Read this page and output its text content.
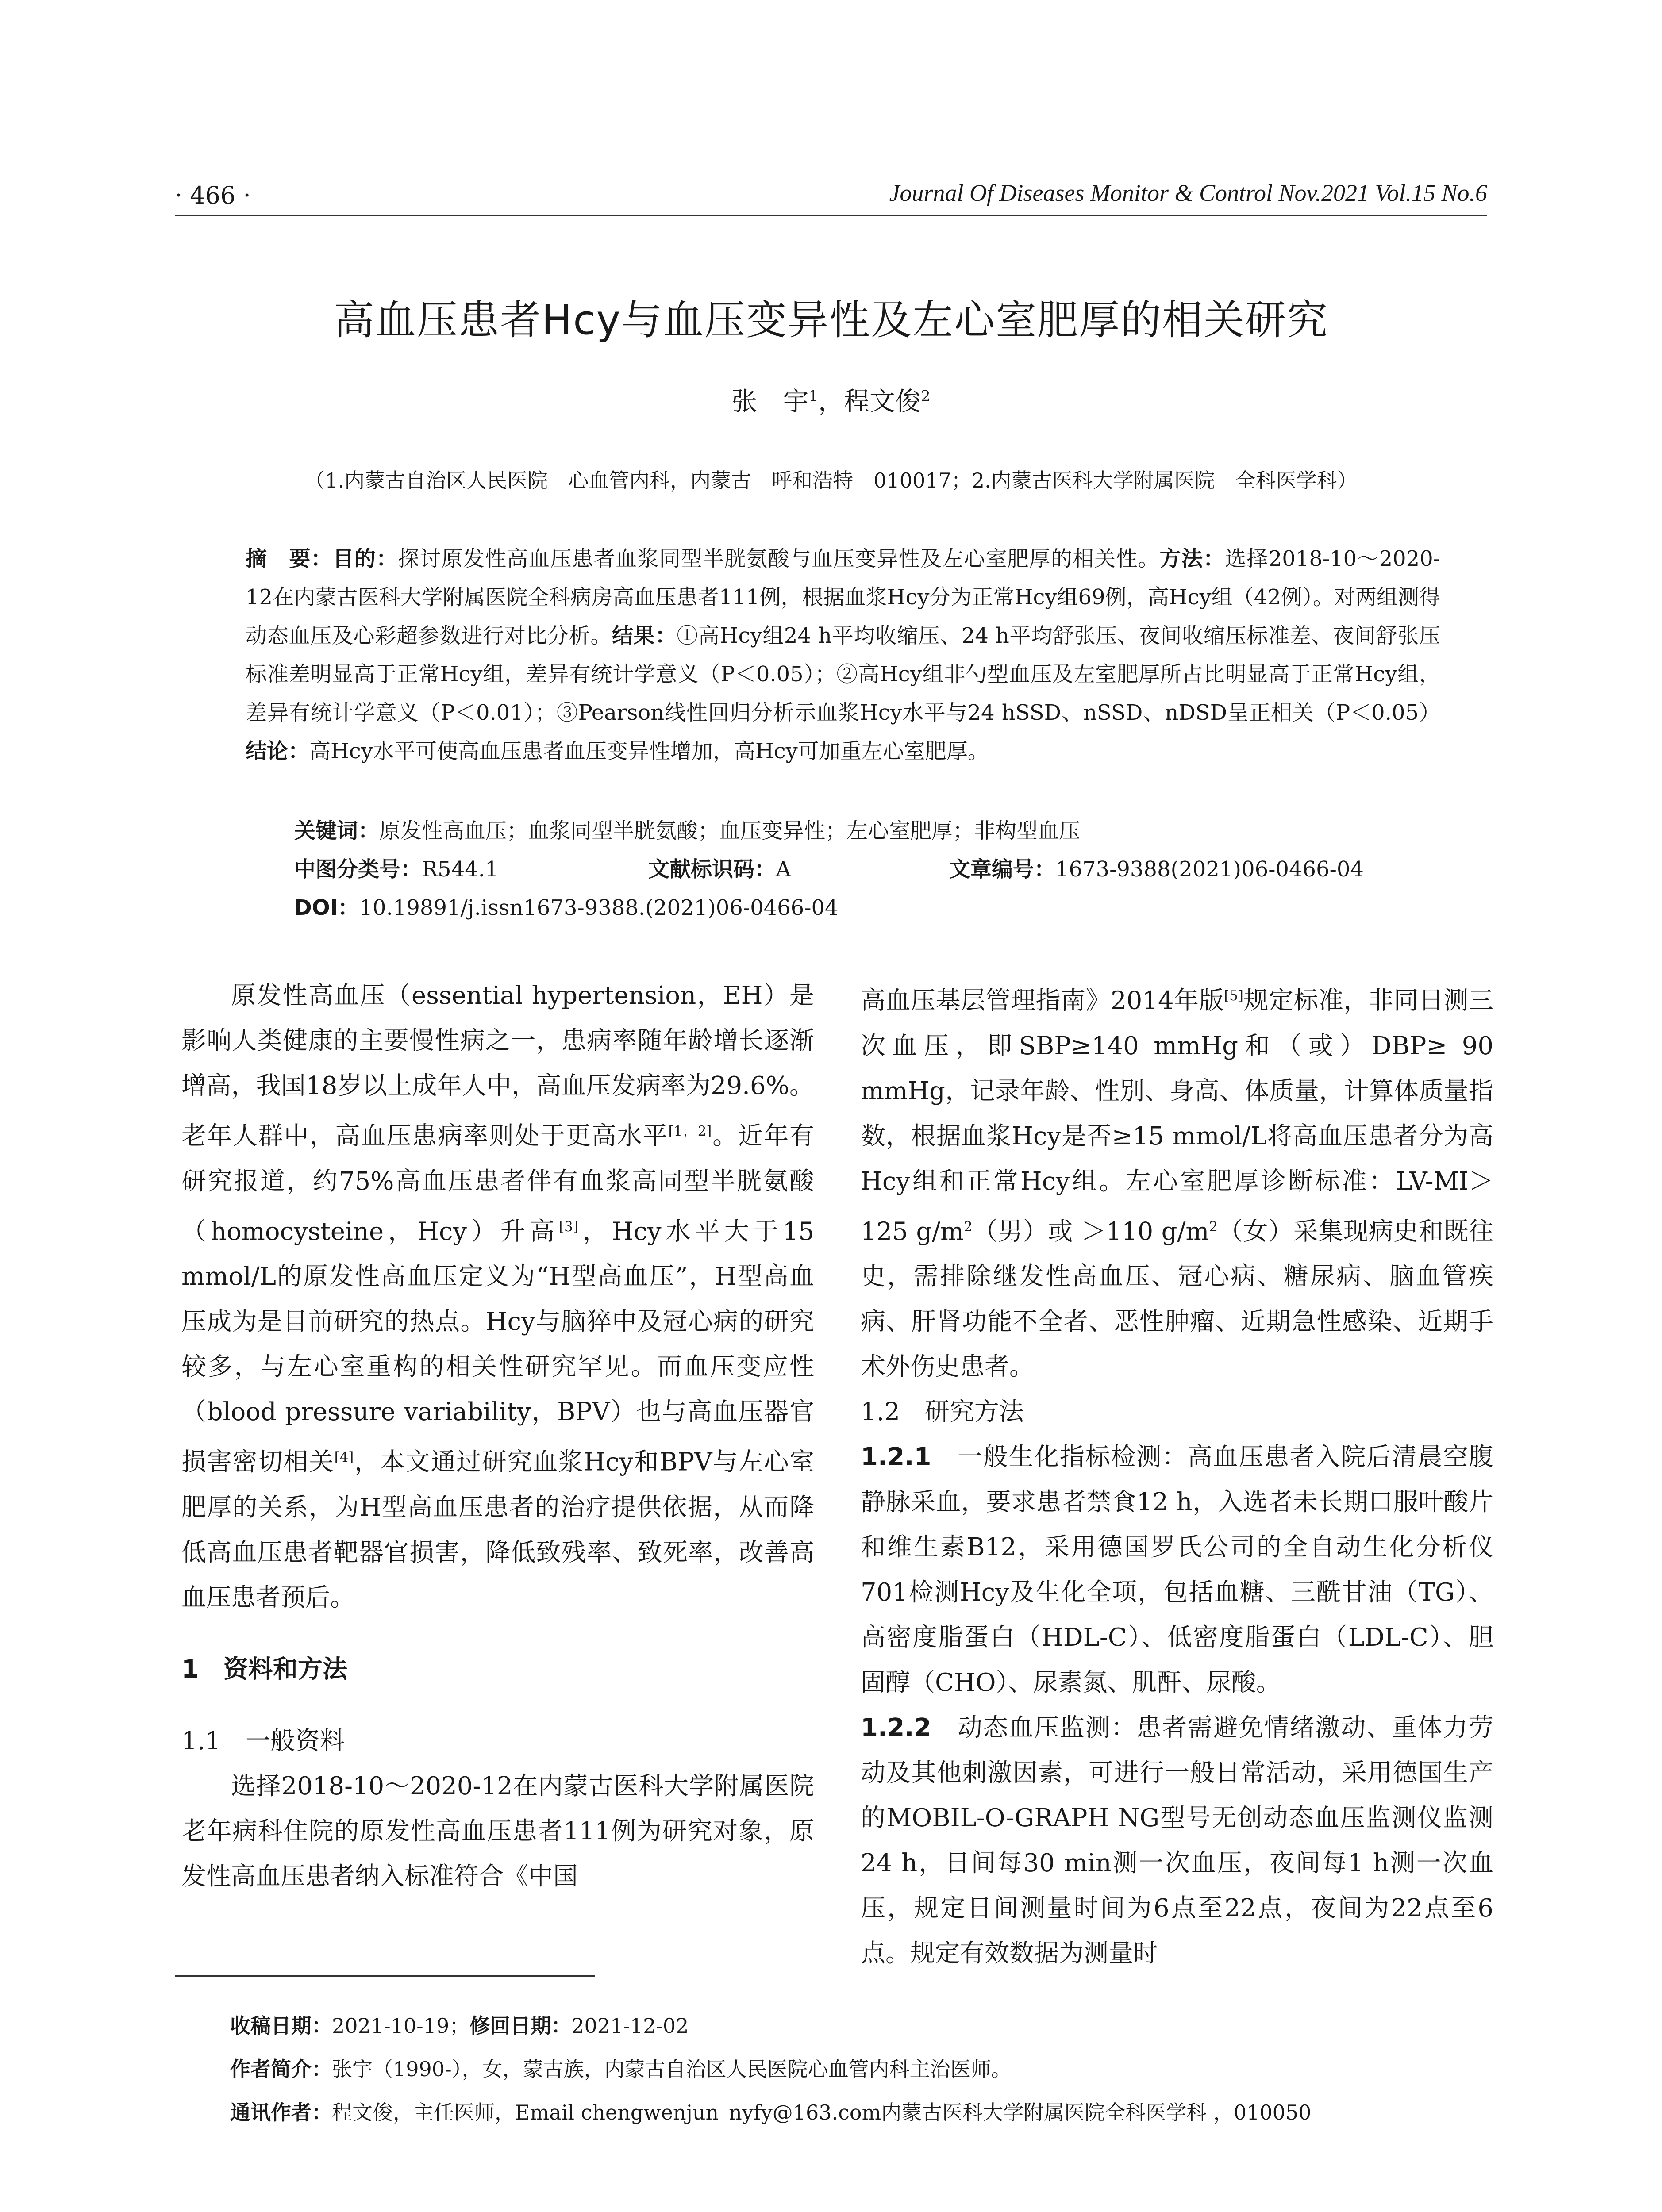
· 466 ·	Journal Of Diseases Monitor & Control Nov.2021 Vol.15 No.6
高血压患者Hcy与血压变异性及左心室肥厚的相关研究
张　宇$^1$，程文俊$^2$
（1.内蒙古自治区人民医院　心血管内科，内蒙古　呼和浩特　010017；2.内蒙古医科大学附属医院　全科医学科）
摘　要：目的：探讨原发性高血压患者血浆同型半胱氨酸与血压变异性及左心室肥厚的相关性。方法：选择2018-10～2020-12在内蒙古医科大学附属医院全科病房高血压患者111例，根据血浆Hcy分为正常Hcy组69例，高Hcy组（42例）。对两组测得动态血压及心彩超参数进行对比分析。结果：①高Hcy组24 h平均收缩压、24 h平均舒张压、夜间收缩压标准差、夜间舒张压标准差明显高于正常Hcy组，差异有统计学意义（P＜0.05）；②高Hcy组非勺型血压及左室肥厚所占比明显高于正常Hcy组，差异有统计学意义（P＜0.01）；③Pearson线性回归分析示血浆Hcy水平与24 hSSD、nSSD、nDSD呈正相关（P＜0.05）结论：高Hcy水平可使高血压患者血压变异性增加，高Hcy可加重左心室肥厚。
关键词：原发性高血压；血浆同型半胱氨酸；血压变异性；左心室肥厚；非构型血压
中图分类号：R544.1	文献标识码：A	文章编号：1673-9388(2021)06-0466-04
DOI：10.19891/j.issn1673-9388.(2021)06-0466-04

原发性高血压（essential hypertension，EH）是影响人类健康的主要慢性病之一，患病率随年龄增长逐渐增高，我国18岁以上成年人中，高血压发病率为29.6%。老年人群中，高血压患病率则处于更高水平[1，2]。近年有研究报道，约75%高血压患者伴有血浆高同型半胱氨酸（homocysteine，Hcy）升高[3]，Hcy水平大于15 mmol/L的原发性高血压定义为“H型高血压”，H型高血压成为是目前研究的热点。Hcy与脑猝中及冠心病的研究较多，与左心室重构的相关性研究罕见。而血压变应性（blood pressure variability，BPV）也与高血压器官损害密切相关[4]，本文通过研究血浆Hcy和BPV与左心室肥厚的关系，为H型高血压患者的治疗提供依据，从而降低高血压患者靶器官损害，降低致残率、致死率，改善高血压患者预后。

1　资料和方法

1.1　一般资料

选择2018-10～2020-12在内蒙古医科大学附属医院老年病科住院的原发性高血压患者111例为研究对象，原发性高血压患者纳入标准符合《中国

高血压基层管理指南》2014年版[5]规定标准，非同日测三次血压，即SBP≥140 mmHg和（或）DBP≥ 90 mmHg，记录年龄、性别、身高、体质量，计算体质量指数，根据血浆Hcy是否≥15 mmol/L将高血压患者分为高Hcy组和正常Hcy组。左心室肥厚诊断标准：LV-MI＞125 $g/m^2$（男）或 ＞110 $g/m^2$（女）采集现病史和既往史，需排除继发性高血压、冠心病、糖尿病、脑血管疾病、肝肾功能不全者、恶性肿瘤、近期急性感染、近期手术外伤史患者。

1.2　研究方法

1.2.1　 一般生化指标检测：高血压患者入院后清晨空腹静脉采血，要求患者禁食12 h，入选者未长期口服叶酸片和维生素B12，采用德国罗氏公司的全自动生化分析仪701检测Hcy及生化全项，包括血糖、三酰甘油（TG）、高密度脂蛋白（HDL-C）、低密度脂蛋白（LDL-C）、胆固醇（CHO）、尿素氮、肌酐、尿酸。

1.2.2　 动态血压监测：患者需避免情绪激动、重体力劳动及其他刺激因素，可进行一般日常活动，采用德国生产的MOBIL-O-GRAPH NG型号无创动态血压监测仪监测24 h，日间每30 min测一次血压，夜间每1 h测一次血压，规定日间测量时间为6点至22点，夜间为22点至6点。规定有效数据为测量时

收稿日期：2021-10-19；修回日期：2021-12-02
作者简介：张宇（1990-），女，蒙古族，内蒙古自治区人民医院心血管内科主治医师。
通讯作者：程文俊，主任医师，Email chengwenjun_nyfy@163.com内蒙古医科大学附属医院全科医学科 ，010050
